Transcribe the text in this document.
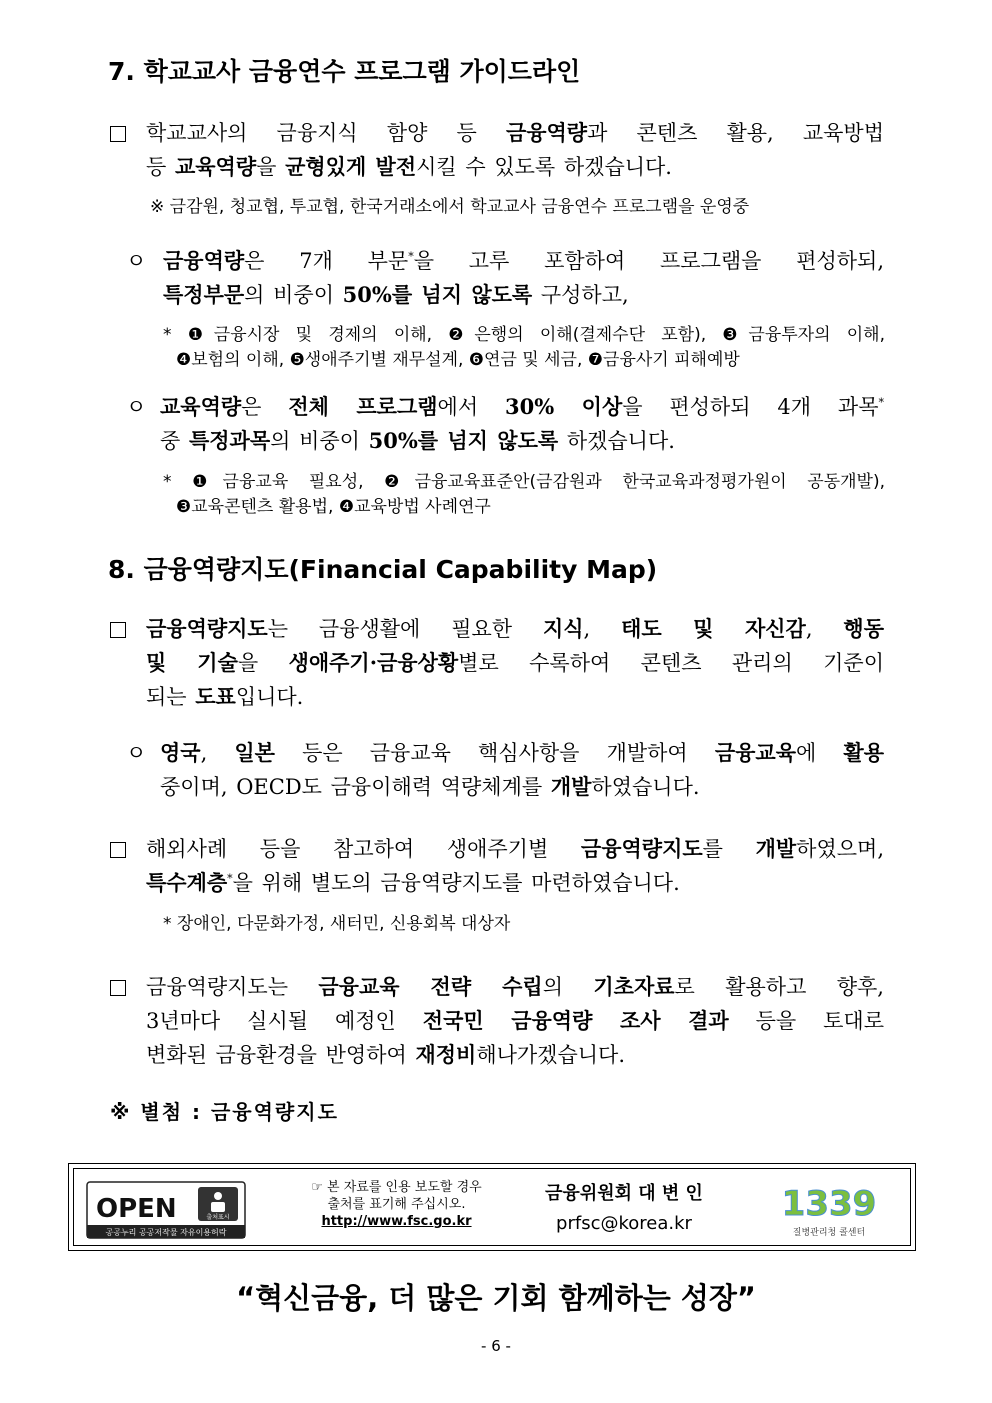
7. 학교교사 금융연수 프로그램 가이드라인
학교교사의 금융지식 함양 등 금융역량과 콘텐츠 활용, 교육방법
등 교육역량을 균형있게 발전시킬 수 있도록 하겠습니다.
※ 금감원, 청교협, 투교협, 한국거래소에서 학교교사 금융연수 프로그램을 운영중
ㅇ 금융역량은 7개 부문*을 고루 포함하여 프로그램을 편성하되,
특정부문의 비중이 50%를 넘지 않도록 구성하고,
* ❶금융시장 및 경제의 이해, ❷은행의 이해(결제수단 포함), ❸금융투자의 이해,
❹보험의 이해, ❺생애주기별 재무설계, ❻연금 및 세금, ❼금융사기 피해예방
ㅇ 교육역량은 전체 프로그램에서 30% 이상을 편성하되 4개 과목*
중 특정과목의 비중이 50%를 넘지 않도록 하겠습니다.
* ❶금융교육 필요성, ❷금융교육표준안(금감원과 한국교육과정평가원이 공동개발),
❸교육콘텐츠 활용법, ❹교육방법 사례연구
8. 금융역량지도(Financial Capability Map)
금융역량지도는 금융생활에 필요한 지식, 태도 및 자신감, 행동
및 기술을 생애주기·금융상황별로 수록하여 콘텐츠 관리의 기준이
되는 도표입니다.
ㅇ 영국, 일본 등은 금융교육 핵심사항을 개발하여 금융교육에 활용
중이며, OECD도 금융이해력 역량체계를 개발하였습니다.
해외사례 등을 참고하여 생애주기별 금융역량지도를 개발하였으며,
특수계층*을 위해 별도의 금융역량지도를 마련하였습니다.
* 장애인, 다문화가정, 새터민, 신용회복 대상자
금융역량지도는 금융교육 전략 수립의 기초자료로 활용하고 향후,
3년마다 실시될 예정인 전국민 금융역량 조사 결과 등을 토대로
변화된 금융환경을 반영하여 재정비해나가겠습니다.
※ 별첨 : 금융역량지도
OPEN	출처표시
공공누리 공공저작물 자유이용허락
☞ 본 자료를 인용 보도할 경우
출처를 표기해 주십시오.
http://www.fsc.go.kr
금융위원회 대 변 인
prfsc@korea.kr	1339
질병관리청 콜센터
“혁신금융, 더 많은 기회 함께하는 성장”
- 6 -
